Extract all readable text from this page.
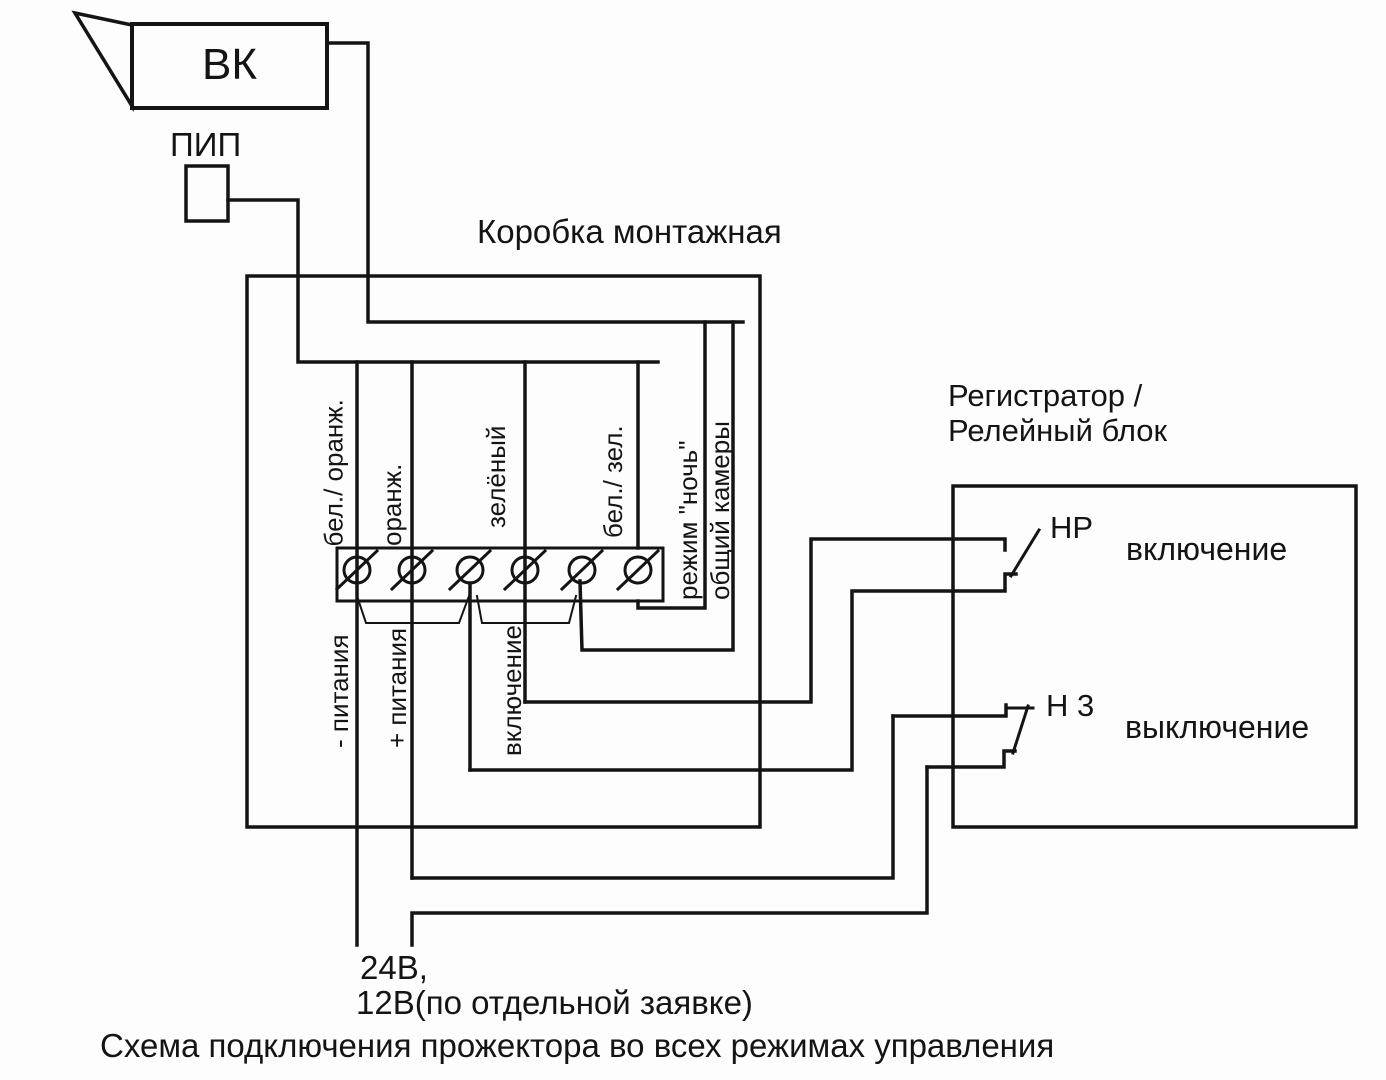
ВК
ПИП
Коробка монтажная
Регистратор /
Релейный блок
НР
включение
Н 3
выключение
бел./ оранж. оранж.	зелёный	бел./ зел. режим "ночь" общий камеры
- питания + питания	включение
24В,
12В(по отдельной заявке)
Схема подключения прожектора во всех режимах управления
